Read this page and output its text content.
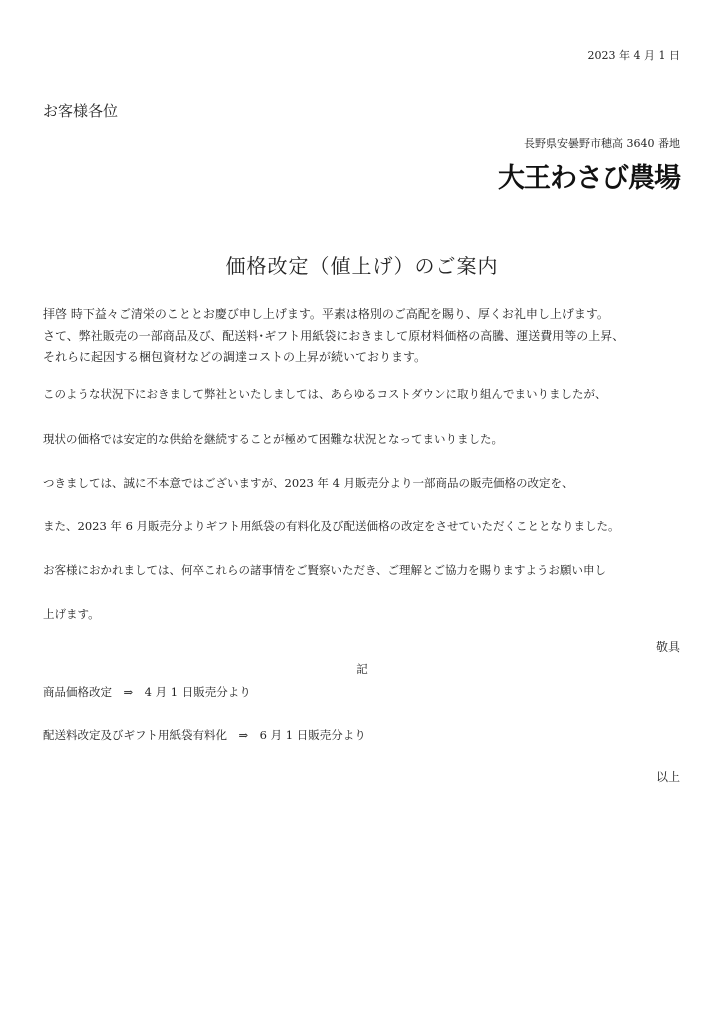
2023 年 4 月 1 日
お客様各位
長野県安曇野市穂高 3640 番地
大王わさび農場
価格改定（値上げ）のご案内
拝啓 時下益々ご清栄のこととお慶び申し上げます。平素は格別のご高配を賜り、厚くお礼申し上げます。
さて、弊社販売の一部商品及び、配送料･ギフト用紙袋におきまして原材料価格の高騰、運送費用等の上昇、
それらに起因する梱包資材などの調達コストの上昇が続いております。
このような状況下におきまして弊社といたしましては、あらゆるコストダウンに取り組んでまいりましたが、
現状の価格では安定的な供給を継続することが極めて困難な状況となってまいりました。
つきましては、誠に不本意ではございますが、2023 年 4 月販売分より一部商品の販売価格の改定を、
また、2023 年 6 月販売分よりギフト用紙袋の有料化及び配送価格の改定をさせていただくこととなりました。
お客様におかれましては、何卒これらの諸事情をご賢察いただき、ご理解とご協力を賜りますようお願い申し
上げます。
敬具
記
商品価格改定　⇒　4 月 1 日販売分より
配送料改定及びギフト用紙袋有料化　⇒　6 月 1 日販売分より
以上
